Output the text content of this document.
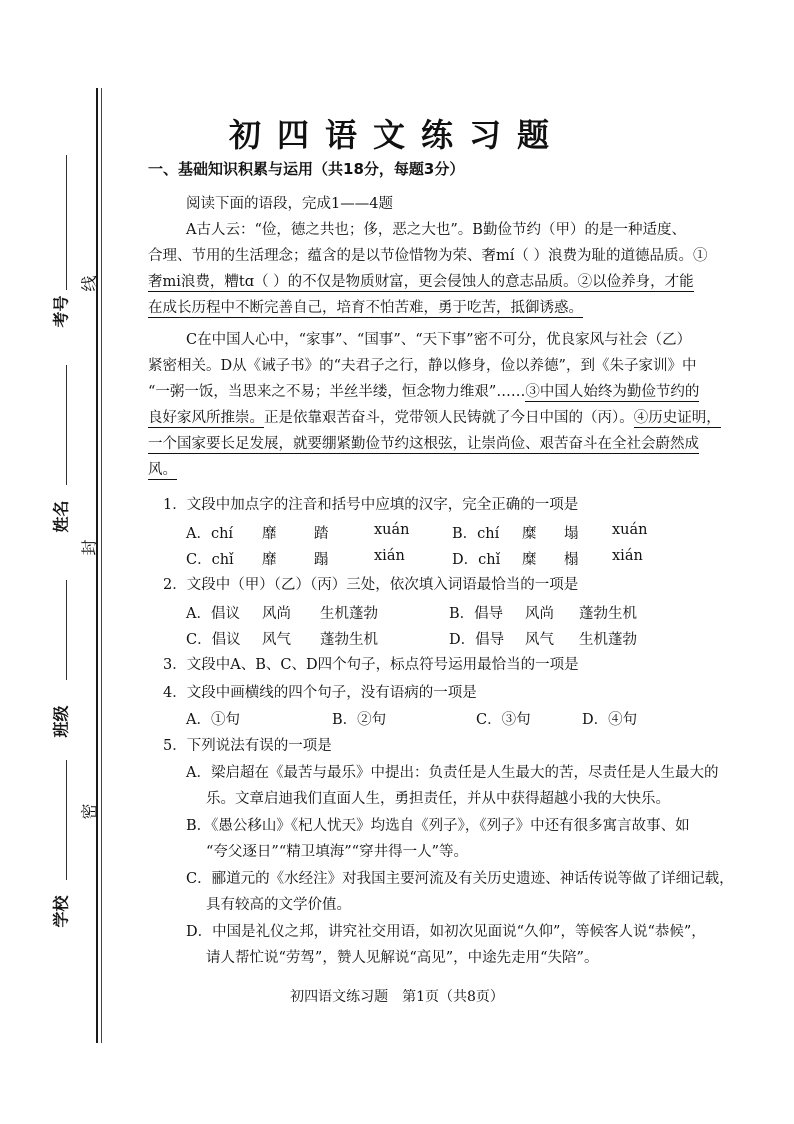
考号
姓名
班级
学校
线
封
密
初四语文练习题
一、基础知识积累与运用（共18分，每题3分）
阅读下面的语段，完成1——4题
A古人云：“俭，德之共也；侈，恶之大也”。B勤俭节约（甲）的是一种适度、
合理、节用的生活理念；蕴含的是以节俭惜物为荣、奢mí（ ）浪费为耻的道德品质。①
奢mi浪费，糟tɑ（ ）的不仅是物质财富，更会侵蚀人的意志品质。②以俭养身，才能
在成长历程中不断完善自己，培育不怕苦难，勇于吃苦，抵御诱惑。
C在中国人心中，“家事”、“国事”、“天下事”密不可分，优良家风与社会（乙）
紧密相关。D从《诫子书》的“夫君子之行，静以修身，俭以养德”，到《朱子家训》中
“一粥一饭，当思来之不易；半丝半缕，恒念物力维艰”……③中国人始终为勤俭节约的
良好家风所推崇。正是依靠艰苦奋斗，党带领人民铸就了今日中国的（丙）。④历史证明，
一个国家要长足发展，就要绷紧勤俭节约这根弦，让崇尚俭、艰苦奋斗在全社会蔚然成
风。
1．文段中加点字的注音和括号中应填的汉字，完全正确的一项是
A．chí 靡	踏	xuán	B．chí 糜 塌 xuán
C．chǐ 靡	蹋	xián	D．chǐ 糜 榻 xián
2．文段中（甲）（乙）（丙）三处，依次填入词语最恰当的一项是
A．倡议 风尚 生机蓬勃	B．倡导 风尚 蓬勃生机
C．倡议 风气 蓬勃生机	D．倡导 风气 生机蓬勃
3．文段中A、B、C、D四个句子，标点符号运用最恰当的一项是
4．文段中画横线的四个句子，没有语病的一项是
A．①句	B．②句	C．③句	D．④句
5．下列说法有误的一项是
A．梁启超在《最苦与最乐》中提出：负责任是人生最大的苦，尽责任是人生最大的
乐。文章启迪我们直面人生，勇担责任，并从中获得超越小我的大快乐。
B．《愚公移山》《杞人忧天》均选自《列子》，《列子》中还有很多寓言故事、如
“夸父逐日”“精卫填海”“穿井得一人”等。
C．郦道元的《水经注》对我国主要河流及有关历史遗迹、神话传说等做了详细记载，
具有较高的文学价值。
D．中国是礼仪之邦，讲究社交用语，如初次见面说“久仰”，等候客人说“恭候”，
请人帮忙说“劳驾”，赞人见解说“高见”，中途先走用“失陪”。
初四语文练习题　第1页（共8页）
